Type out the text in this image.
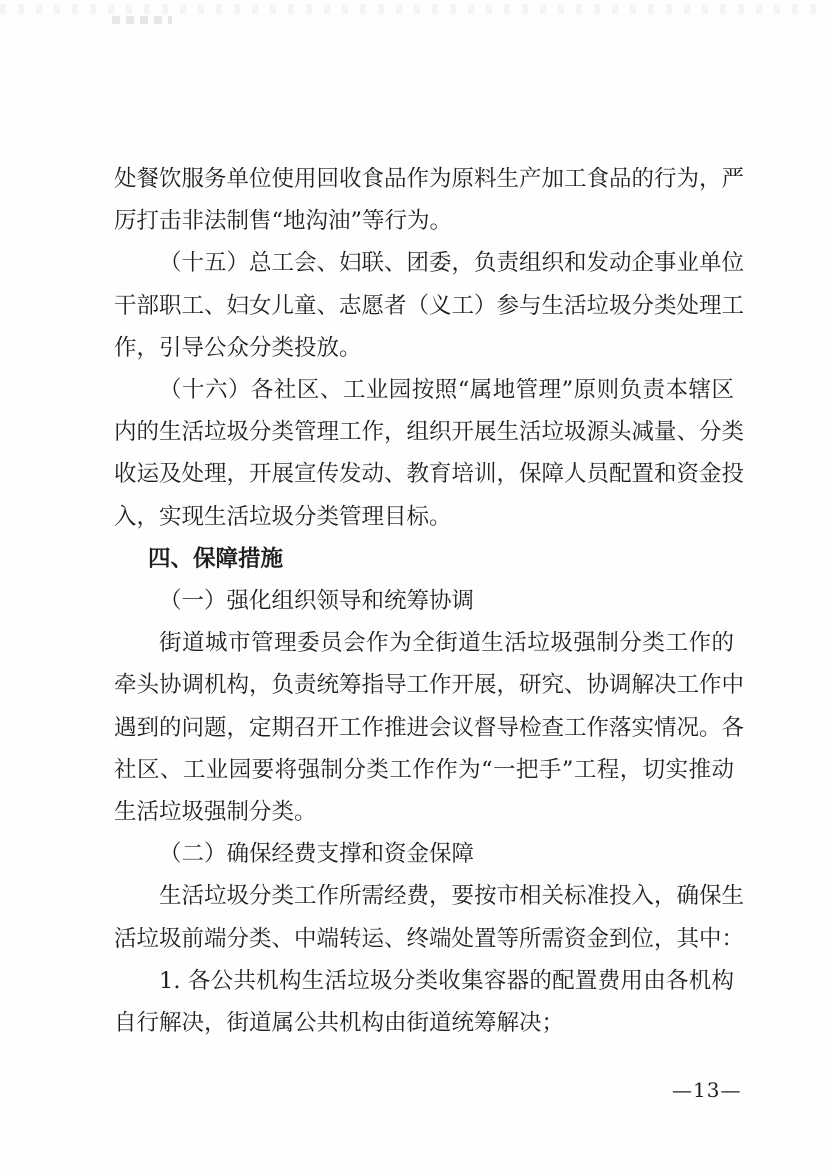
处餐饮服务单位使用回收食品作为原料生产加工食品的行为，严
厉打击非法制售“地沟油”等行为。

（十五）总工会、妇联、团委，负责组织和发动企事业单位
干部职工、妇女儿童、志愿者（义工）参与生活垃圾分类处理工
作，引导公众分类投放。

（十六）各社区、工业园按照“属地管理”原则负责本辖区
内的生活垃圾分类管理工作，组织开展生活垃圾源头减量、分类
收运及处理，开展宣传发动、教育培训，保障人员配置和资金投
入，实现生活垃圾分类管理目标。

四、保障措施

（一）强化组织领导和统筹协调

街道城市管理委员会作为全街道生活垃圾强制分类工作的
牵头协调机构，负责统筹指导工作开展，研究、协调解决工作中
遇到的问题，定期召开工作推进会议督导检查工作落实情况。各
社区、工业园要将强制分类工作作为“一把手”工程，切实推动
生活垃圾强制分类。

（二）确保经费支撑和资金保障

生活垃圾分类工作所需经费，要按市相关标准投入，确保生
活垃圾前端分类、中端转运、终端处置等所需资金到位，其中：
1. 各公共机构生活垃圾分类收集容器的配置费用由各机构
自行解决，街道属公共机构由街道统筹解决；

—13—
